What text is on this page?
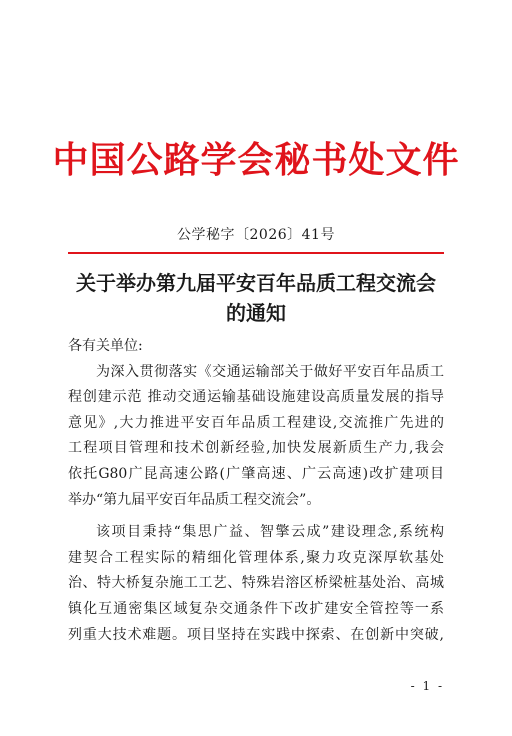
中国公路学会秘书处文件
公学秘字〔2026〕41号
关于举办第九届平安百年品质工程交流会
的通知

各有关单位:

为深入贯彻落实《交通运输部关于做好平安百年品质工
程创建示范 推动交通运输基础设施建设高质量发展的指导
意见》,大力推进平安百年品质工程建设,交流推广先进的
工程项目管理和技术创新经验,加快发展新质生产力,我会
依托G80广昆高速公路(广肇高速、广云高速)改扩建项目
举办“第九届平安百年品质工程交流会”。

该项目秉持“集思广益、智擎云成”建设理念,系统构
建契合工程实际的精细化管理体系,聚力攻克深厚软基处
治、特大桥复杂施工工艺、特殊岩溶区桥梁桩基处治、高城
镇化互通密集区域复杂交通条件下改扩建安全管控等一系
列重大技术难题。项目坚持在实践中探索、在创新中突破,

- 1 -
